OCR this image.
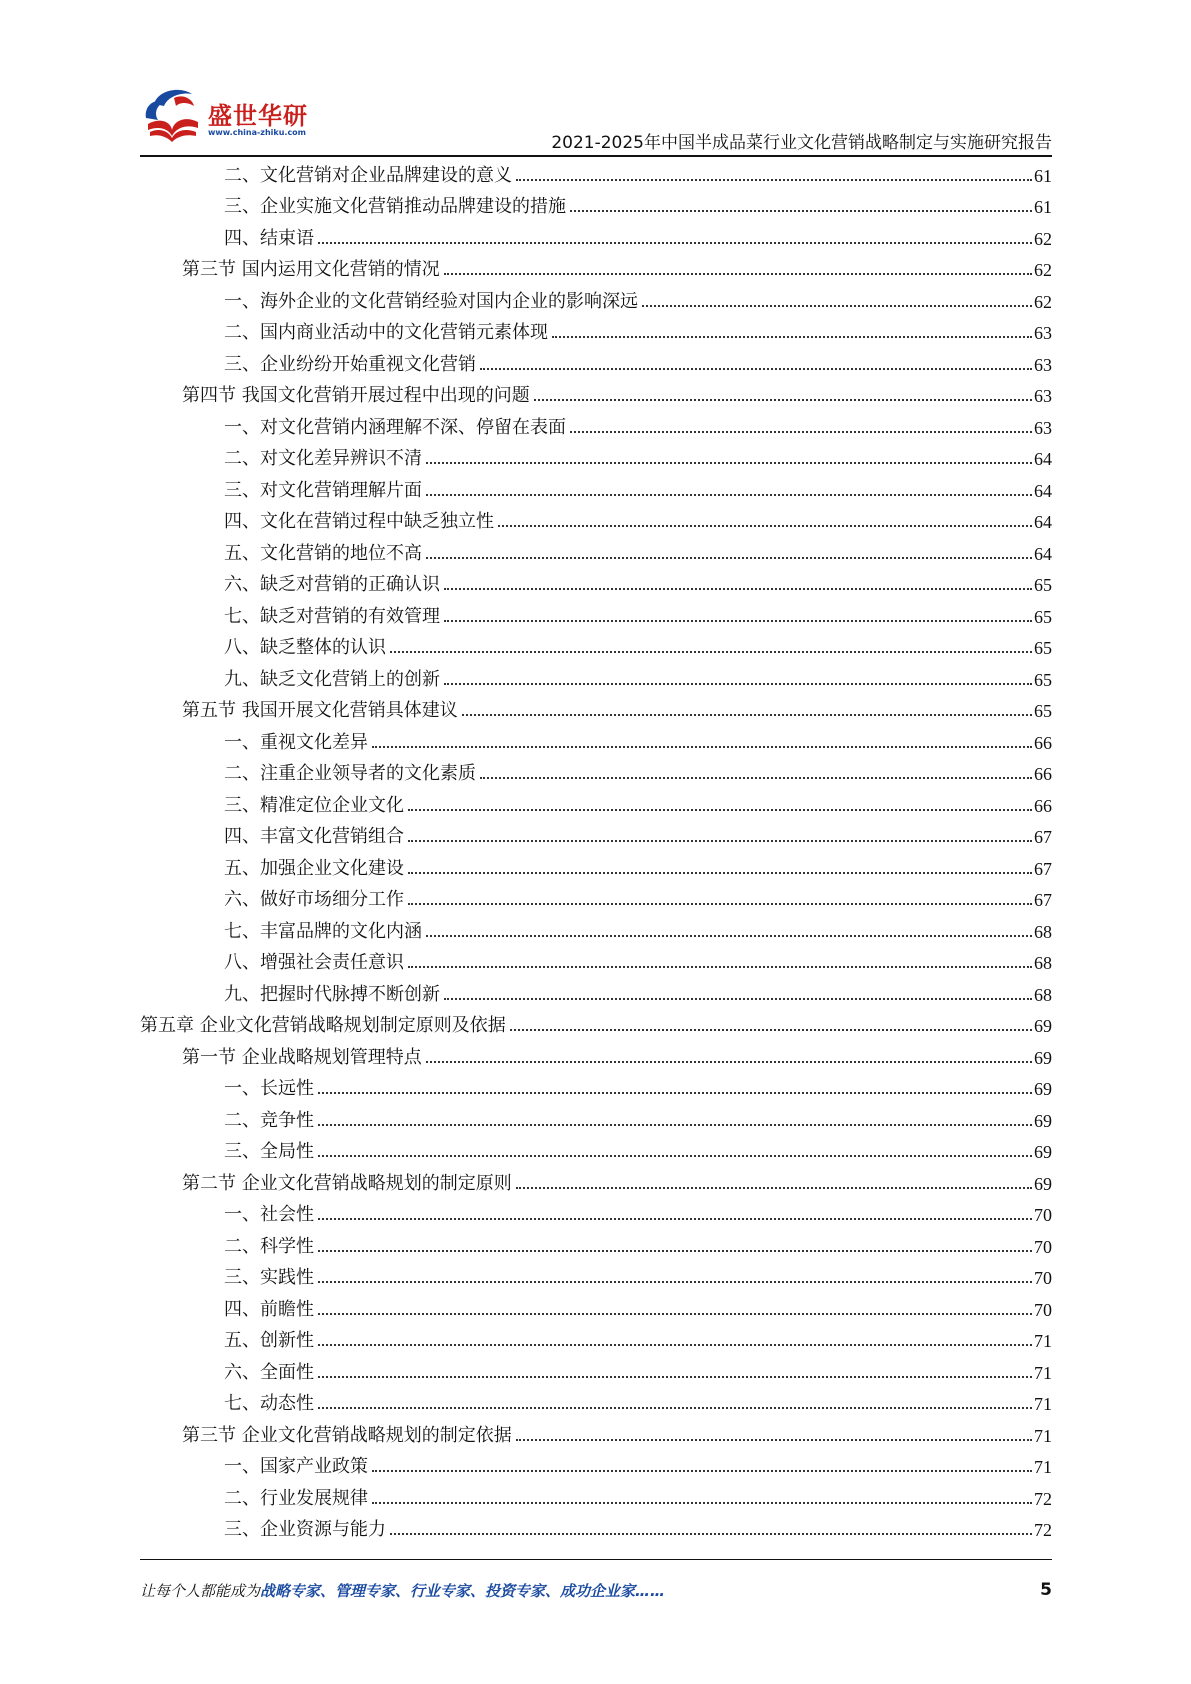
盛世华研
www.china-zhiku.com
2021-2025年中国半成品菜行业文化营销战略制定与实施研究报告
二、文化营销对企业品牌建设的意义	61
三、企业实施文化营销推动品牌建设的措施	61
四、结束语	62
第三节 国内运用文化营销的情况	62
一、海外企业的文化营销经验对国内企业的影响深远	62
二、国内商业活动中的文化营销元素体现	63
三、企业纷纷开始重视文化营销	63
第四节 我国文化营销开展过程中出现的问题	63
一、对文化营销内涵理解不深、停留在表面	63
二、对文化差异辨识不清	64
三、对文化营销理解片面	64
四、文化在营销过程中缺乏独立性	64
五、文化营销的地位不高	64
六、缺乏对营销的正确认识	65
七、缺乏对营销的有效管理	65
八、缺乏整体的认识	65
九、缺乏文化营销上的创新	65
第五节 我国开展文化营销具体建议	65
一、重视文化差异	66
二、注重企业领导者的文化素质	66
三、精准定位企业文化	66
四、丰富文化营销组合	67
五、加强企业文化建设	67
六、做好市场细分工作	67
七、丰富品牌的文化内涵	68
八、增强社会责任意识	68
九、把握时代脉搏不断创新	68
第五章 企业文化营销战略规划制定原则及依据	69
第一节 企业战略规划管理特点	69
一、长远性	69
二、竞争性	69
三、全局性	69
第二节 企业文化营销战略规划的制定原则	69
一、社会性	70
二、科学性	70
三、实践性	70
四、前瞻性	70
五、创新性	71
六、全面性	71
七、动态性	71
第三节 企业文化营销战略规划的制定依据	71
一、国家产业政策	71
二、行业发展规律	72
三、企业资源与能力	72
让每个人都能成为战略专家、管理专家、行业专家、投资专家、成功企业家……	5
